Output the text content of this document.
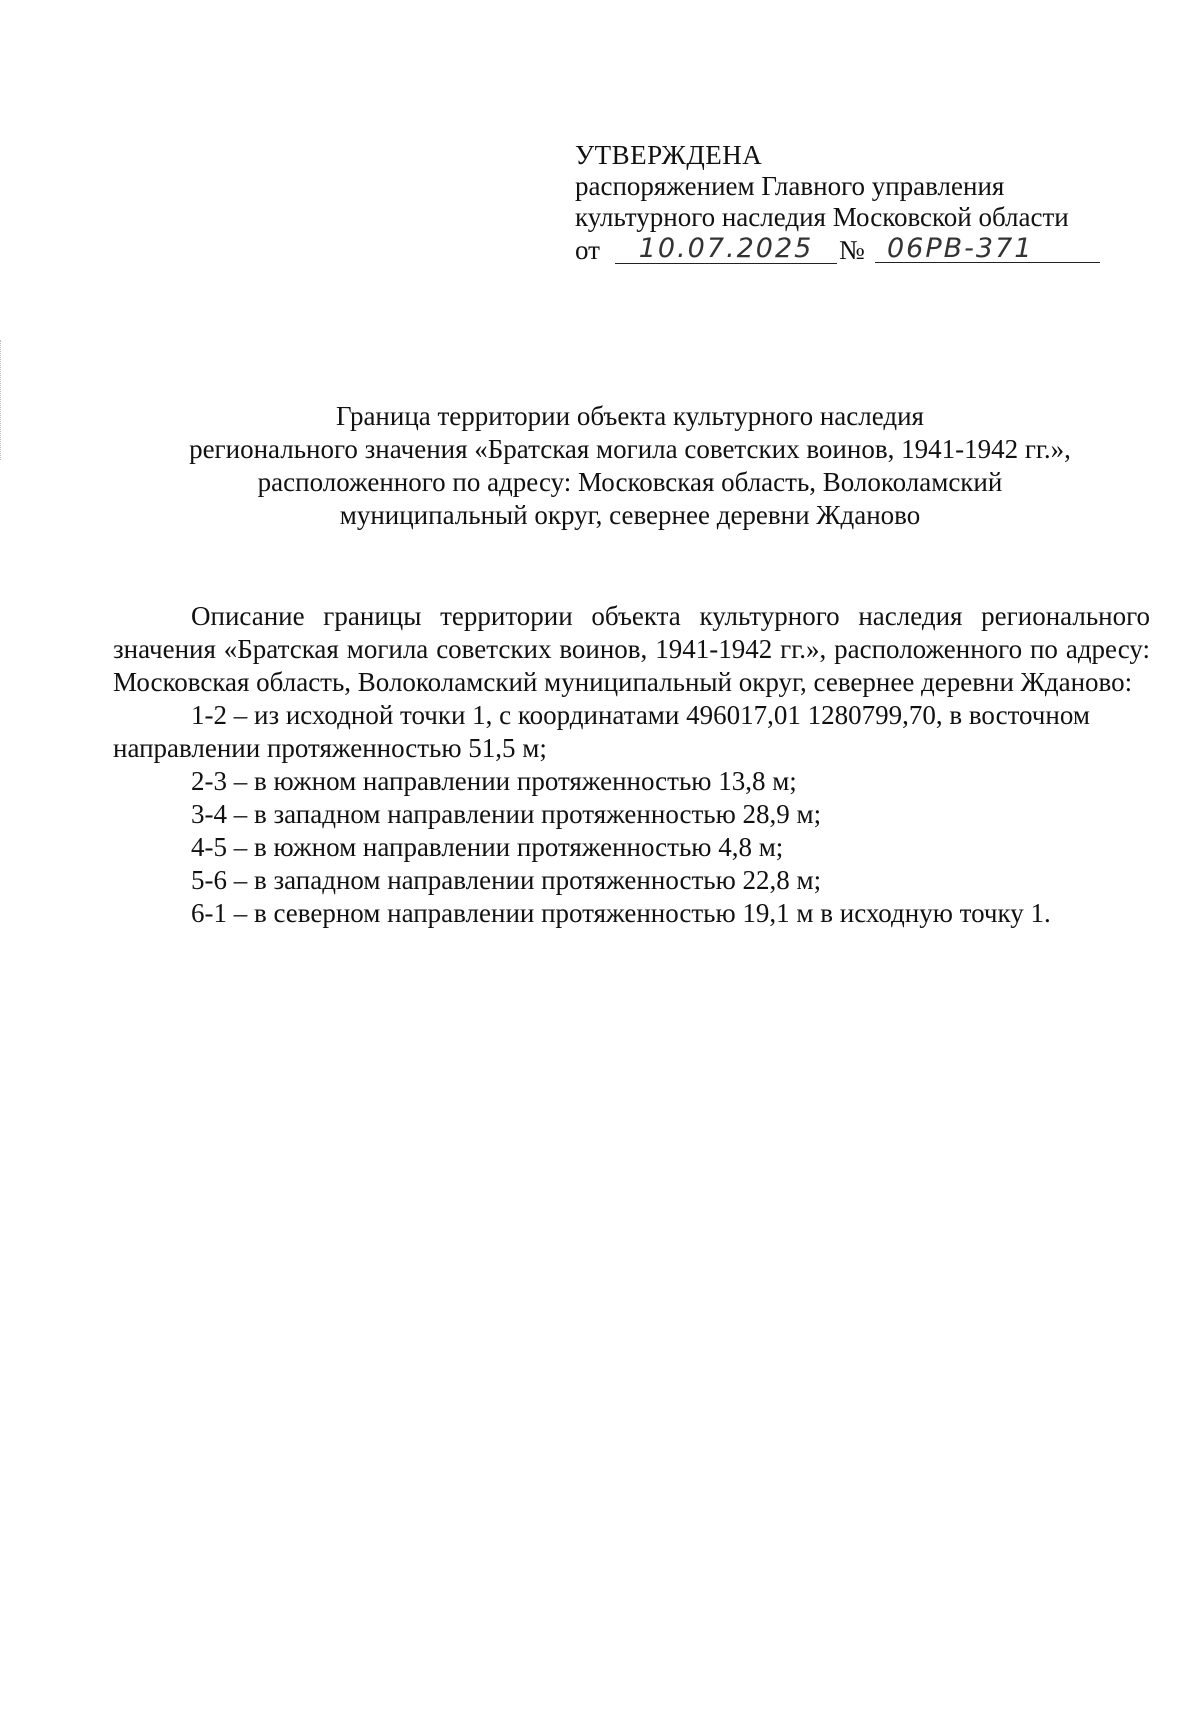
УТВЕРЖДЕНА
распоряжением Главного управления
культурного наследия Московской области
от	10.07.2025 № 06РВ-371
Граница территории объекта культурного наследия
регионального значения «Братская могила советских воинов, 1941-1942 гг.»,
расположенного по адресу: Московская область, Волоколамский
муниципальный округ, севернее деревни Жданово

Описание границы территории объекта культурного наследия регионального значения «Братская могила советских воинов, 1941-1942 гг.», расположенного по адресу: Московская область, Волоколамский муниципальный округ, севернее деревни Жданово:

1-2 – из исходной точки 1, с координатами 496017,01 1280799,70, в восточном направлении протяженностью 51,5 м;
2-3 – в южном направлении протяженностью 13,8 м;
3-4 – в западном направлении протяженностью 28,9 м;
4-5 – в южном направлении протяженностью 4,8 м;
5-6 – в западном направлении протяженностью 22,8 м;
6-1 – в северном направлении протяженностью 19,1 м в исходную точку 1.
